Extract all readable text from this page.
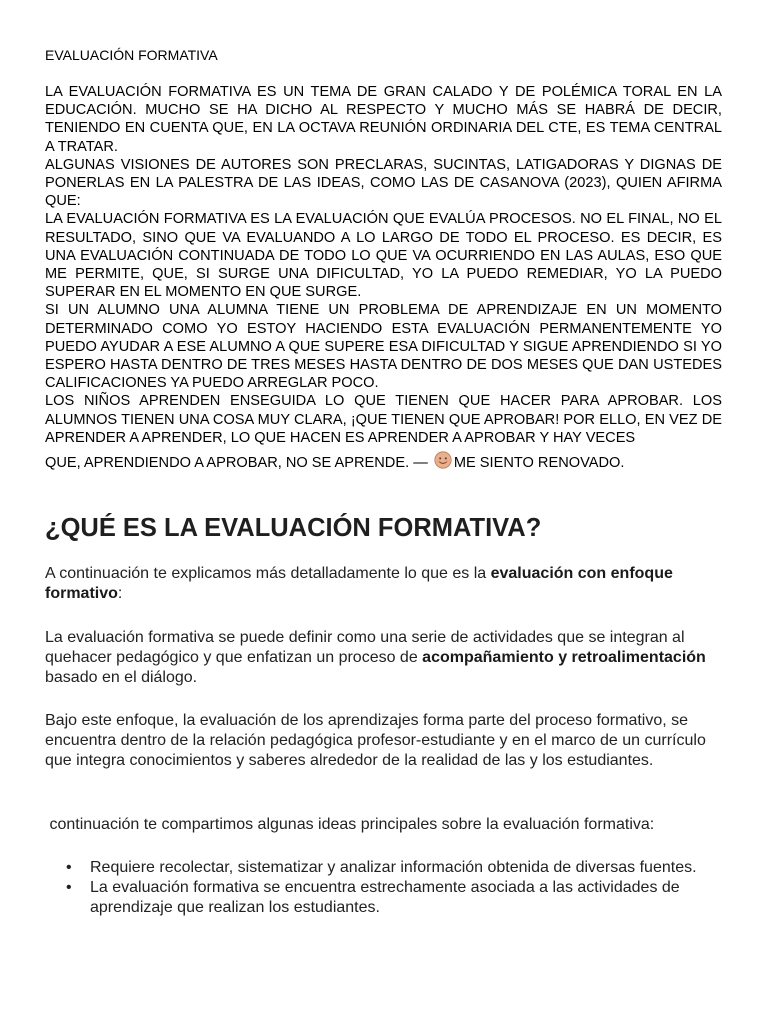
EVALUACIÓN FORMATIVA

LA EVALUACIÓN FORMATIVA ES UN TEMA DE GRAN CALADO Y DE POLÉMICA TORAL EN LA EDUCACIÓN. MUCHO SE HA DICHO AL RESPECTO Y MUCHO MÁS SE HABRÁ DE DECIR, TENIENDO EN CUENTA QUE, EN LA OCTAVA REUNIÓN ORDINARIA DEL CTE, ES TEMA CENTRAL A TRATAR.

ALGUNAS VISIONES DE AUTORES SON PRECLARAS, SUCINTAS, LATIGADORAS Y DIGNAS DE PONERLAS EN LA PALESTRA DE LAS IDEAS, COMO LAS DE CASANOVA (2023), QUIEN AFIRMA QUE:

LA EVALUACIÓN FORMATIVA ES LA EVALUACIÓN QUE EVALÚA PROCESOS. NO EL FINAL, NO EL RESULTADO, SINO QUE VA EVALUANDO A LO LARGO DE TODO EL PROCESO. ES DECIR, ES UNA EVALUACIÓN CONTINUADA DE TODO LO QUE VA OCURRIENDO EN LAS AULAS, ESO QUE ME PERMITE, QUE, SI SURGE UNA DIFICULTAD, YO LA PUEDO REMEDIAR, YO LA PUEDO SUPERAR EN EL MOMENTO EN QUE SURGE.

SI UN ALUMNO UNA ALUMNA TIENE UN PROBLEMA DE APRENDIZAJE EN UN MOMENTO DETERMINADO COMO YO ESTOY HACIENDO ESTA EVALUACIÓN PERMANENTEMENTE YO PUEDO AYUDAR A ESE ALUMNO A QUE SUPERE ESA DIFICULTAD Y SIGUE APRENDIENDO SI YO ESPERO HASTA DENTRO DE TRES MESES HASTA DENTRO DE DOS MESES QUE DAN USTEDES CALIFICACIONES YA PUEDO ARREGLAR POCO.

LOS NIÑOS APRENDEN ENSEGUIDA LO QUE TIENEN QUE HACER PARA APROBAR. LOS ALUMNOS TIENEN UNA COSA MUY CLARA, ¡QUE TIENEN QUE APROBAR! POR ELLO, EN VEZ DE APRENDER A APRENDER, LO QUE HACEN ES APRENDER A APROBAR Y HAY VECES

QUE, APRENDIENDO A APROBAR, NO SE APRENDE. — ME SIENTO RENOVADO.

¿QUÉ ES LA EVALUACIÓN FORMATIVA?

A continuación te explicamos más detalladamente lo que es la evaluación con enfoque formativo:

La evaluación formativa se puede definir como una serie de actividades que se integran al quehacer pedagógico y que enfatizan un proceso de acompañamiento y retroalimentación basado en el diálogo.

Bajo este enfoque, la evaluación de los aprendizajes forma parte del proceso formativo, se encuentra dentro de la relación pedagógica profesor-estudiante y en el marco de un currículo que integra conocimientos y saberes alrededor de la realidad de las y los estudiantes.

continuación te compartimos algunas ideas principales sobre la evaluación formativa:

• Requiere recolectar, sistematizar y analizar información obtenida de diversas fuentes.
• La evaluación formativa se encuentra estrechamente asociada a las actividades de aprendizaje que realizan los estudiantes.
